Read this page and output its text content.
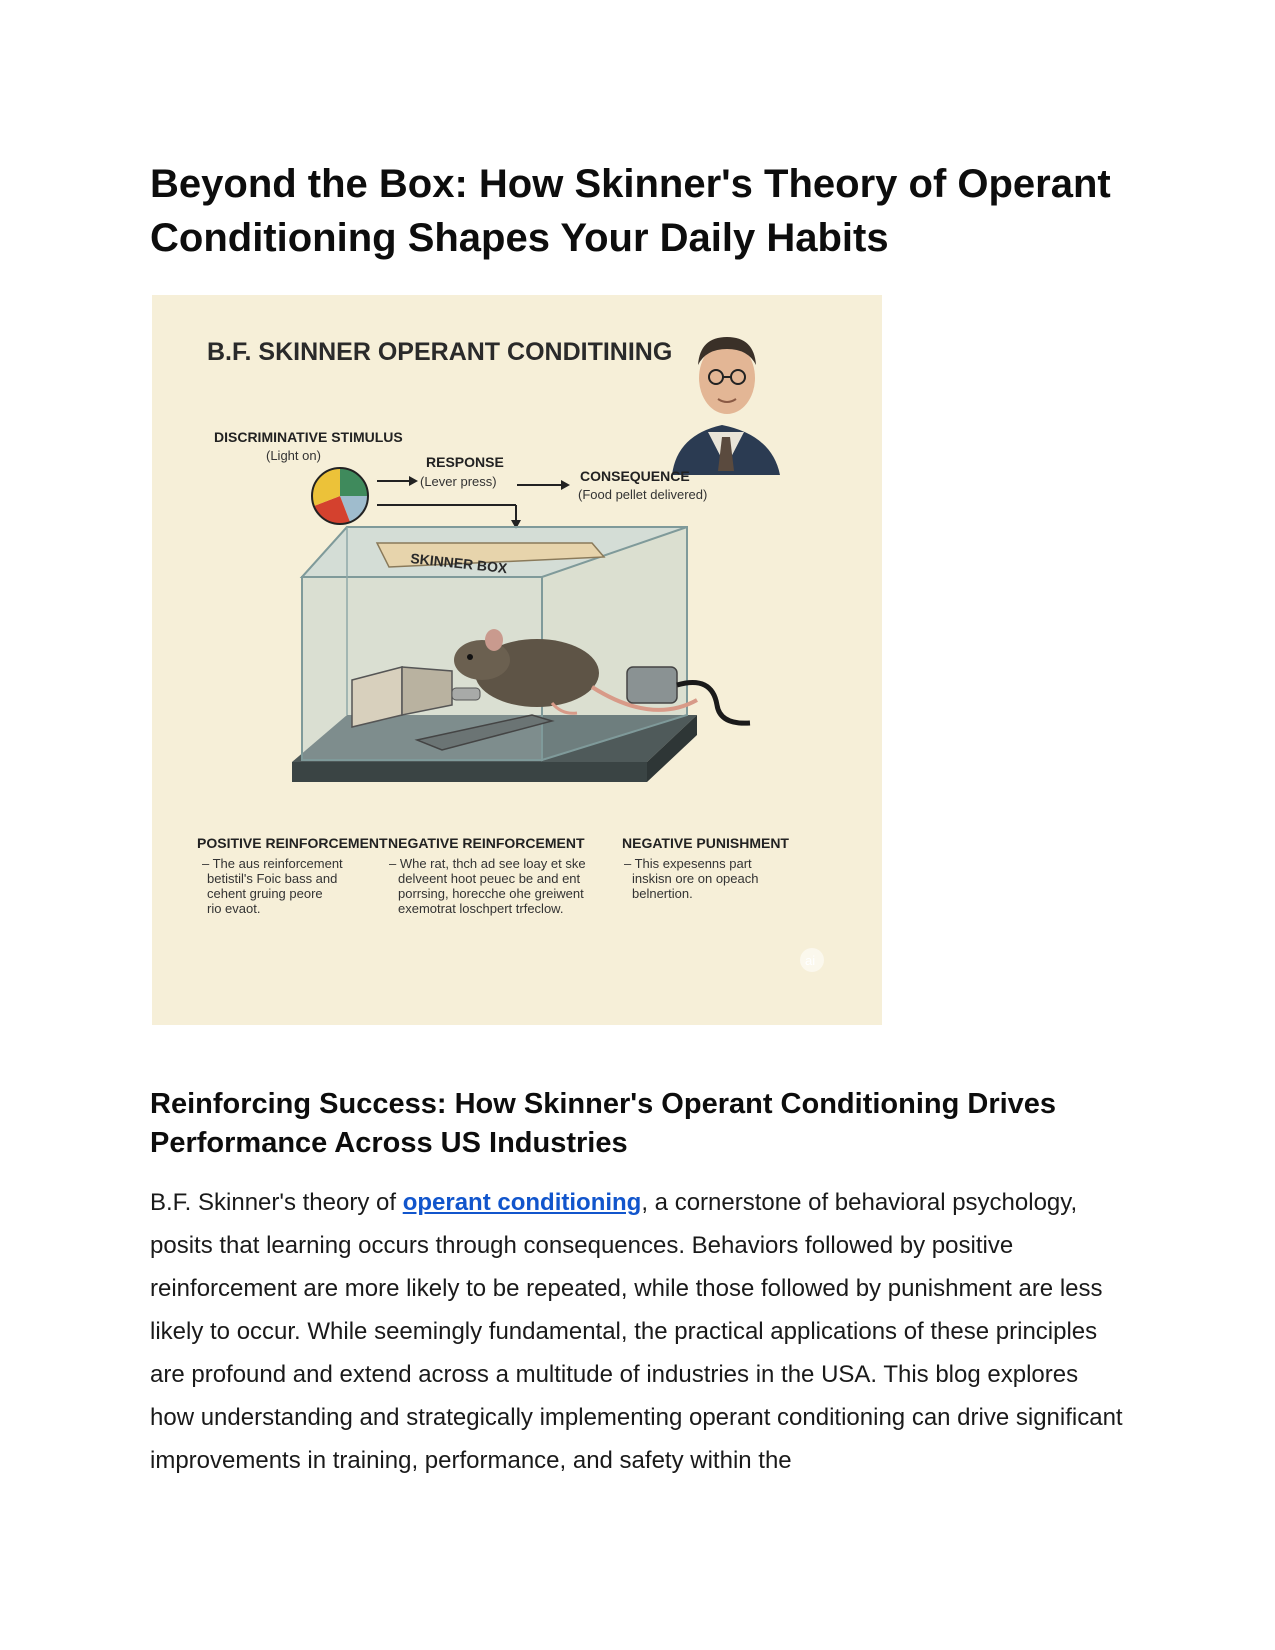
Beyond the Box: How Skinner's Theory of Operant Conditioning Shapes Your Daily Habits
B.F. SKINNER OPERANT CONDITINING
DISCRIMINATIVE STIMULUS
(Light on)	RESPONSE
(Lever press)	CONSEQUENCE
(Food pellet delivered)
SKINNER BOX
POSITIVE REINFORCEMENT
– The aus reinforcement betistil's Foic bass and cehent gruing peore rio evaot.
NEGATIVE REINFORCEMENT
– Whe rat, thch ad see loay et ske delveent hoot peuec be and ent porrsing, horecche ohe greiwent exemotrat loschpert trfeclow.
NEGATIVE PUNISHMENT
– This expesenns part inskisn ore on opeach belnertion.
ai
Reinforcing Success: How Skinner's Operant Conditioning Drives Performance Across US Industries

B.F. Skinner's theory of operant conditioning, a cornerstone of behavioral psychology, posits that learning occurs through consequences. Behaviors followed by positive reinforcement are more likely to be repeated, while those followed by punishment are less likely to occur. While seemingly fundamental, the practical applications of these principles are profound and extend across a multitude of industries in the USA. This blog explores how understanding and strategically implementing operant conditioning can drive significant improvements in training, performance, and safety within the
